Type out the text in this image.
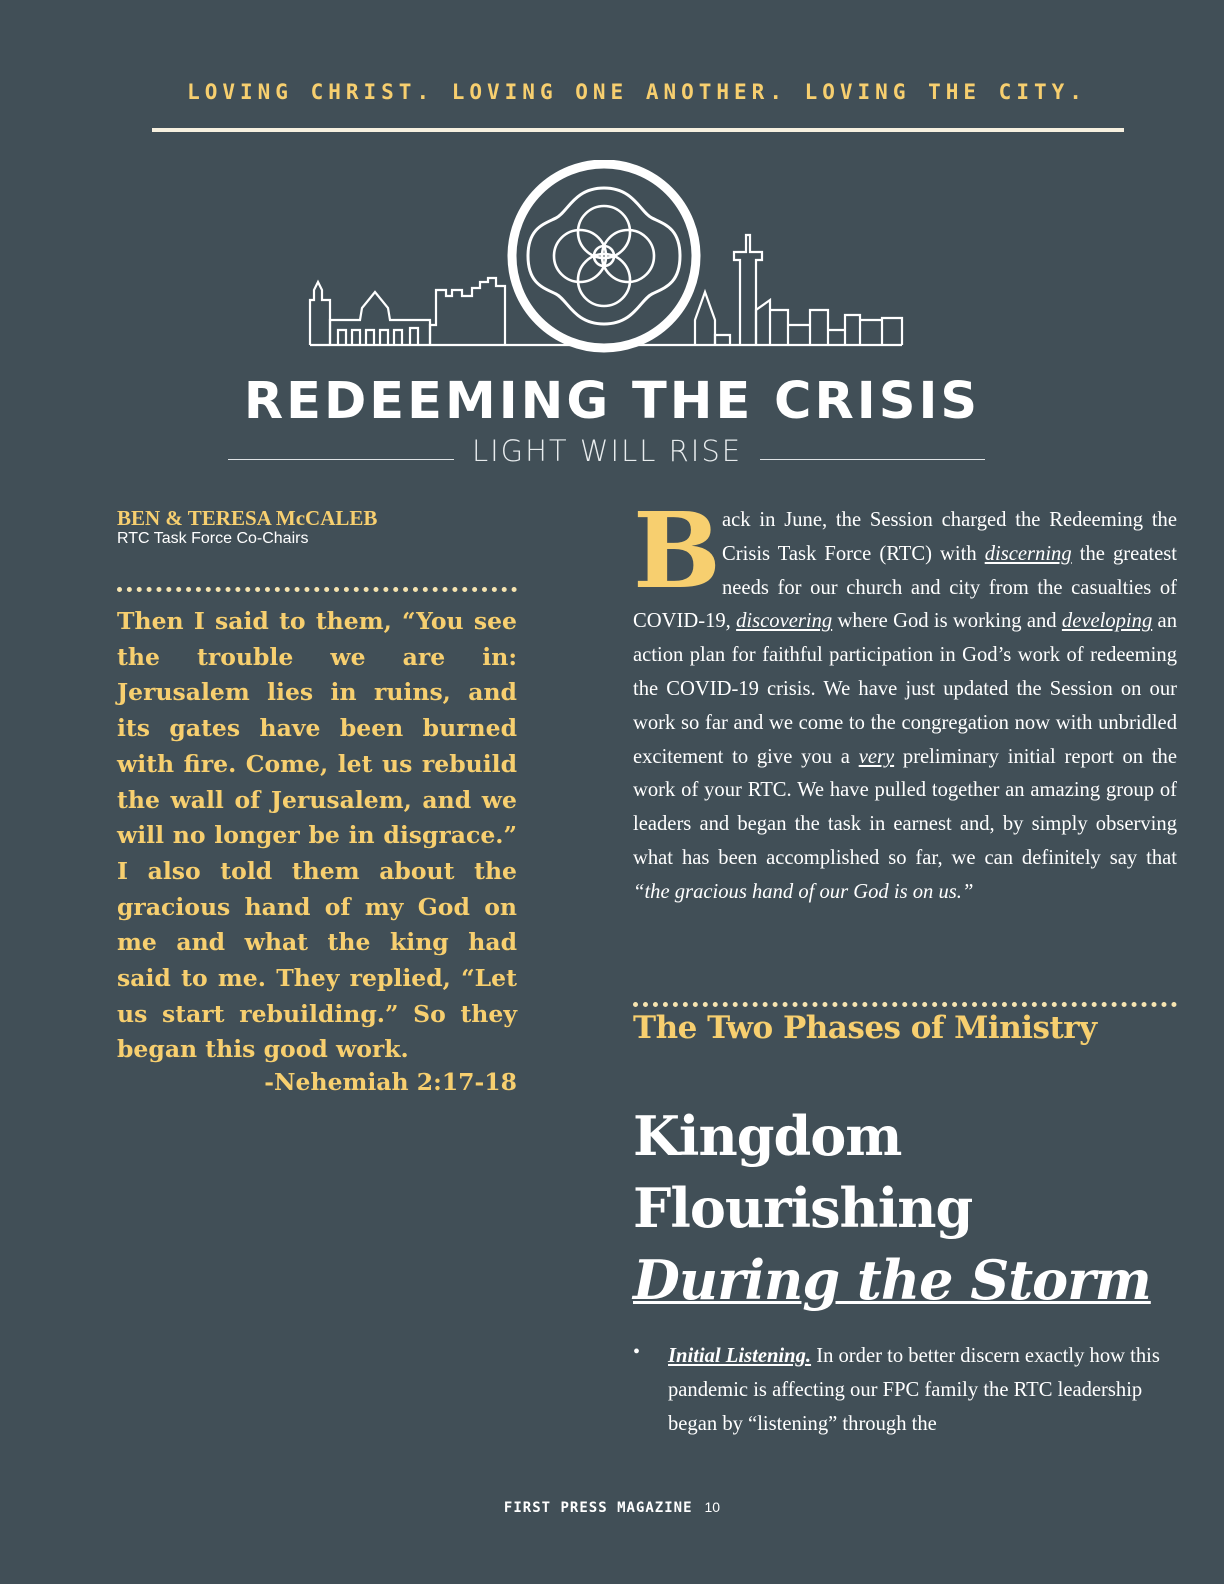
LOVING CHRIST. LOVING ONE ANOTHER. LOVING THE CITY.
REDEEMING THE CRISIS
LIGHT WILL RISE
BEN & TERESA McCALEB
RTC Task Force Co-Chairs
Then I said to them, “You see the trouble we are in: Jerusalem lies in ruins, and its gates have been burned with fire. Come, let us rebuild the wall of Jerusalem, and we will no longer be in disgrace.” I also told them about the gracious hand of my God on me and what the king had said to me. They replied, “Let us start rebuilding.” So they began this good work.
-Nehemiah 2:17-18
B ack in June, the Session charged the Redeeming the Crisis Task Force (RTC) with discerning the greatest needs for our church and city from the casualties of COVID-19, discovering where God is working and developing an action plan for faithful participation in God’s work of redeeming the COVID-19 crisis. We have just updated the Session on our work so far and we come to the congregation now with unbridled excitement to give you a very preliminary initial report on the work of your RTC. We have pulled together an amazing group of leaders and began the task in earnest and, by simply observing what has been accomplished so far, we can definitely say that “the gracious hand of our God is on us.”
The Two Phases of Ministry
Kingdom
Flourishing
During the Storm
• Initial Listening. In order to better discern exactly how this pandemic is affecting our FPC family the RTC leadership began by “listening” through the
FIRST PRESS MAGAZINE 10
